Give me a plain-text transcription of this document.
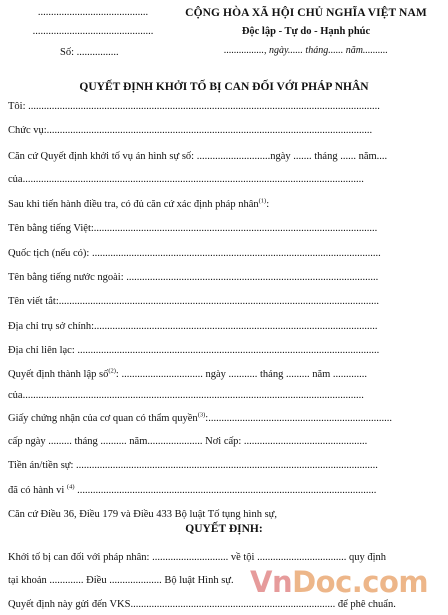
..........................................
..............................................
Số: ................
CỘNG HÒA XÃ HỘI CHỦ NGHĨA VIỆT NAM
Độc lập - Tự do - Hạnh phúc
................, ngày...... tháng...... năm..........
QUYẾT ĐỊNH KHỞI TỐ BỊ CAN ĐỐI VỚI PHÁP NHÂN
Tôi: ......................................................................................................................................
Chức vụ:............................................................................................................................
Căn cứ Quyết định khởi tố vụ án hình sự số: ............................ngày ....... tháng ...... năm....
của..................................................................................................................................
Sau khi tiến hành điều tra, có đủ căn cứ xác định pháp nhân$^{(1)}$:
Tên bằng tiếng Việt:............................................................................................................
Quốc tịch (nếu có): ..............................................................................................................
Tên bằng tiếng nước ngoài: ................................................................................................
Tên viết tắt:..........................................................................................................................
Địa chỉ trụ sở chính:............................................................................................................
Địa chỉ liên lạc: ...................................................................................................................
Quyết định thành lập số$^{(2)}$: ............................... ngày ........... tháng ......... năm .............
của..................................................................................................................................
Giấy chứng nhận của cơ quan có thẩm quyền$^{(3)}$:......................................................................
cấp ngày ......... tháng .......... năm..................... Nơi cấp: ...............................................
Tiền án/tiền sự: ...................................................................................................................
đã có hành vi $^{(4)}$ ..................................................................................................................
Căn cứ Điều 36, Điều 179 và Điều 433 Bộ luật Tố tụng hình sự,
QUYẾT ĐỊNH:
Khởi tố bị can đối với pháp nhân: ............................. về tội .................................. quy định
tại khoản ............. Điều .................... Bộ luật Hình sự.
Quyết định này gửi đến VKS.............................................................................. để phê chuẩn.
VnDoc.com
